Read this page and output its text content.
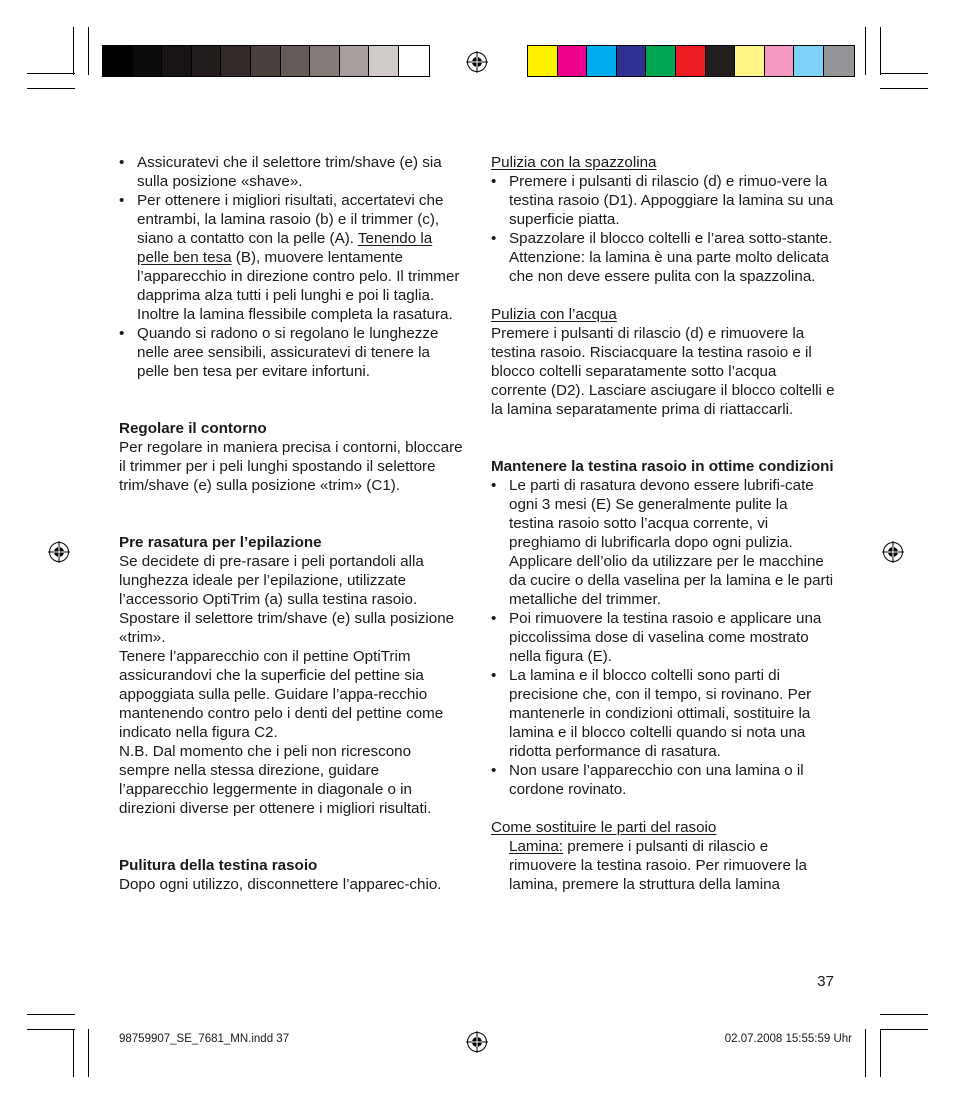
• Assicuratevi che il selettore trim/shave (e) sia sulla posizione «shave».
• Per ottenere i migliori risultati, accertatevi che entrambi, la lamina rasoio (b) e il trimmer (c), siano a contatto con la pelle (A). Tenendo la pelle ben tesa (B), muovere lentamente l’apparecchio in direzione contro pelo. Il trimmer dapprima alza tutti i peli lunghi e poi li taglia. Inoltre la lamina flessibile completa la rasatura.
• Quando si radono o si regolano le lunghezze nelle aree sensibili, assicuratevi di tenere la pelle ben tesa per evitare infortuni.

Regolare il contorno

Per regolare in maniera precisa i contorni, bloccare il trimmer per i peli lunghi spostando il selettore trim/shave (e) sulla posizione «trim» (C1).

Pre rasatura per l’epilazione

Se decidete di pre-rasare i peli portandoli alla lunghezza ideale per l’epilazione, utilizzate l’accessorio OptiTrim (a) sulla testina rasoio. Spostare il selettore trim/shave (e) sulla posizione «trim».

Tenere l’apparecchio con il pettine OptiTrim assicurandovi che la superficie del pettine sia appoggiata sulla pelle. Guidare l’appa-recchio mantenendo contro pelo i denti del pettine come indicato nella figura C2.

N.B. Dal momento che i peli non ricrescono sempre nella stessa direzione, guidare l’apparecchio leggermente in diagonale o in direzioni diverse per ottenere i migliori risultati.

Pulitura della testina rasoio

Dopo ogni utilizzo, disconnettere l’apparec-chio.

Pulizia con la spazzolina

• Premere i pulsanti di rilascio (d) e rimuo-vere la testina rasoio (D1). Appoggiare la lamina su una superficie piatta.
• Spazzolare il blocco coltelli e l’area sotto-stante. Attenzione: la lamina è una parte molto delicata che non deve essere pulita con la spazzolina.

Pulizia con l’acqua

Premere i pulsanti di rilascio (d) e rimuovere la testina rasoio. Risciacquare la testina rasoio e il blocco coltelli separatamente sotto l’acqua corrente (D2). Lasciare asciugare il blocco coltelli e la lamina separatamente prima di riattaccarli.

Mantenere la testina rasoio in ottime condizioni

• Le parti di rasatura devono essere lubrifi-cate ogni 3 mesi (E) Se generalmente pulite la testina rasoio sotto l’acqua corrente, vi preghiamo di lubrificarla dopo ogni pulizia. Applicare dell’olio da utilizzare per le macchine da cucire o della vaselina per la lamina e le parti metalliche del trimmer.
• Poi rimuovere la testina rasoio e applicare una piccolissima dose di vaselina come mostrato nella figura (E).
• La lamina e il blocco coltelli sono parti di precisione che, con il tempo, si rovinano. Per mantenerle in condizioni ottimali, sostituire la lamina e il blocco coltelli quando si nota una ridotta performance di rasatura.
• Non usare l’apparecchio con una lamina o il cordone rovinato.

Come sostituire le parti del rasoio

Lamina: premere i pulsanti di rilascio e rimuovere la testina rasoio. Per rimuovere la lamina, premere la struttura della lamina

37
98759907_SE_7681_MN.indd 37	02.07.2008 15:55:59 Uhr
